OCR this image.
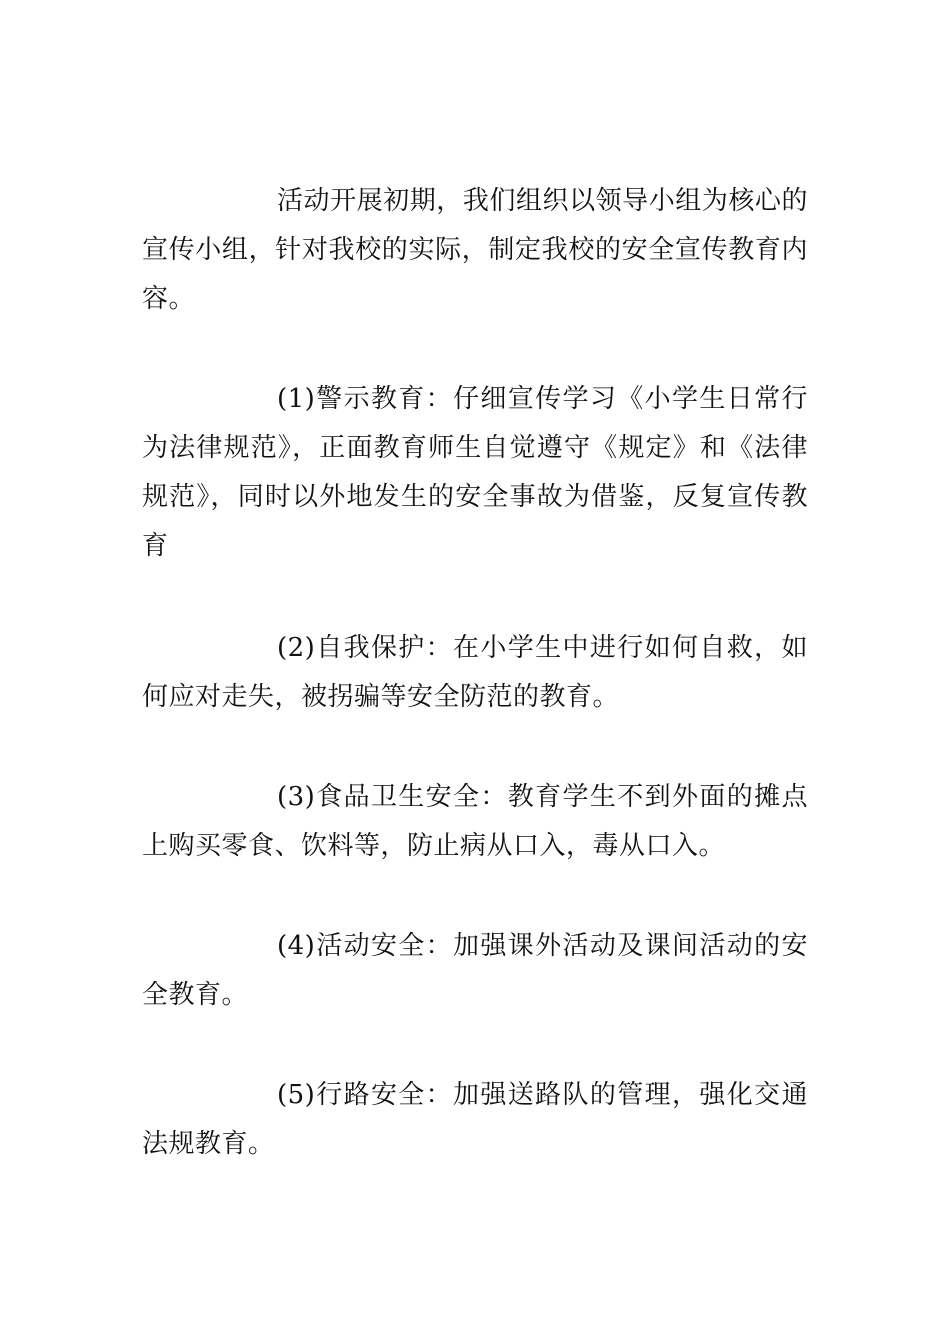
活动开展初期，我们组织以领导小组为核心的宣传小组，针对我校的实际，制定我校的安全宣传教育内容。

(1)警示教育：仔细宣传学习《小学生日常行为法律规范》，正面教育师生自觉遵守《规定》和《法律规范》，同时以外地发生的安全事故为借鉴，反复宣传教育

(2)自我保护：在小学生中进行如何自救，如何应对走失，被拐骗等安全防范的教育。

(3)食品卫生安全：教育学生不到外面的摊点上购买零食、饮料等，防止病从口入，毒从口入。

(4)活动安全：加强课外活动及课间活动的安全教育。

(5)行路安全：加强送路队的管理，强化交通法规教育。
